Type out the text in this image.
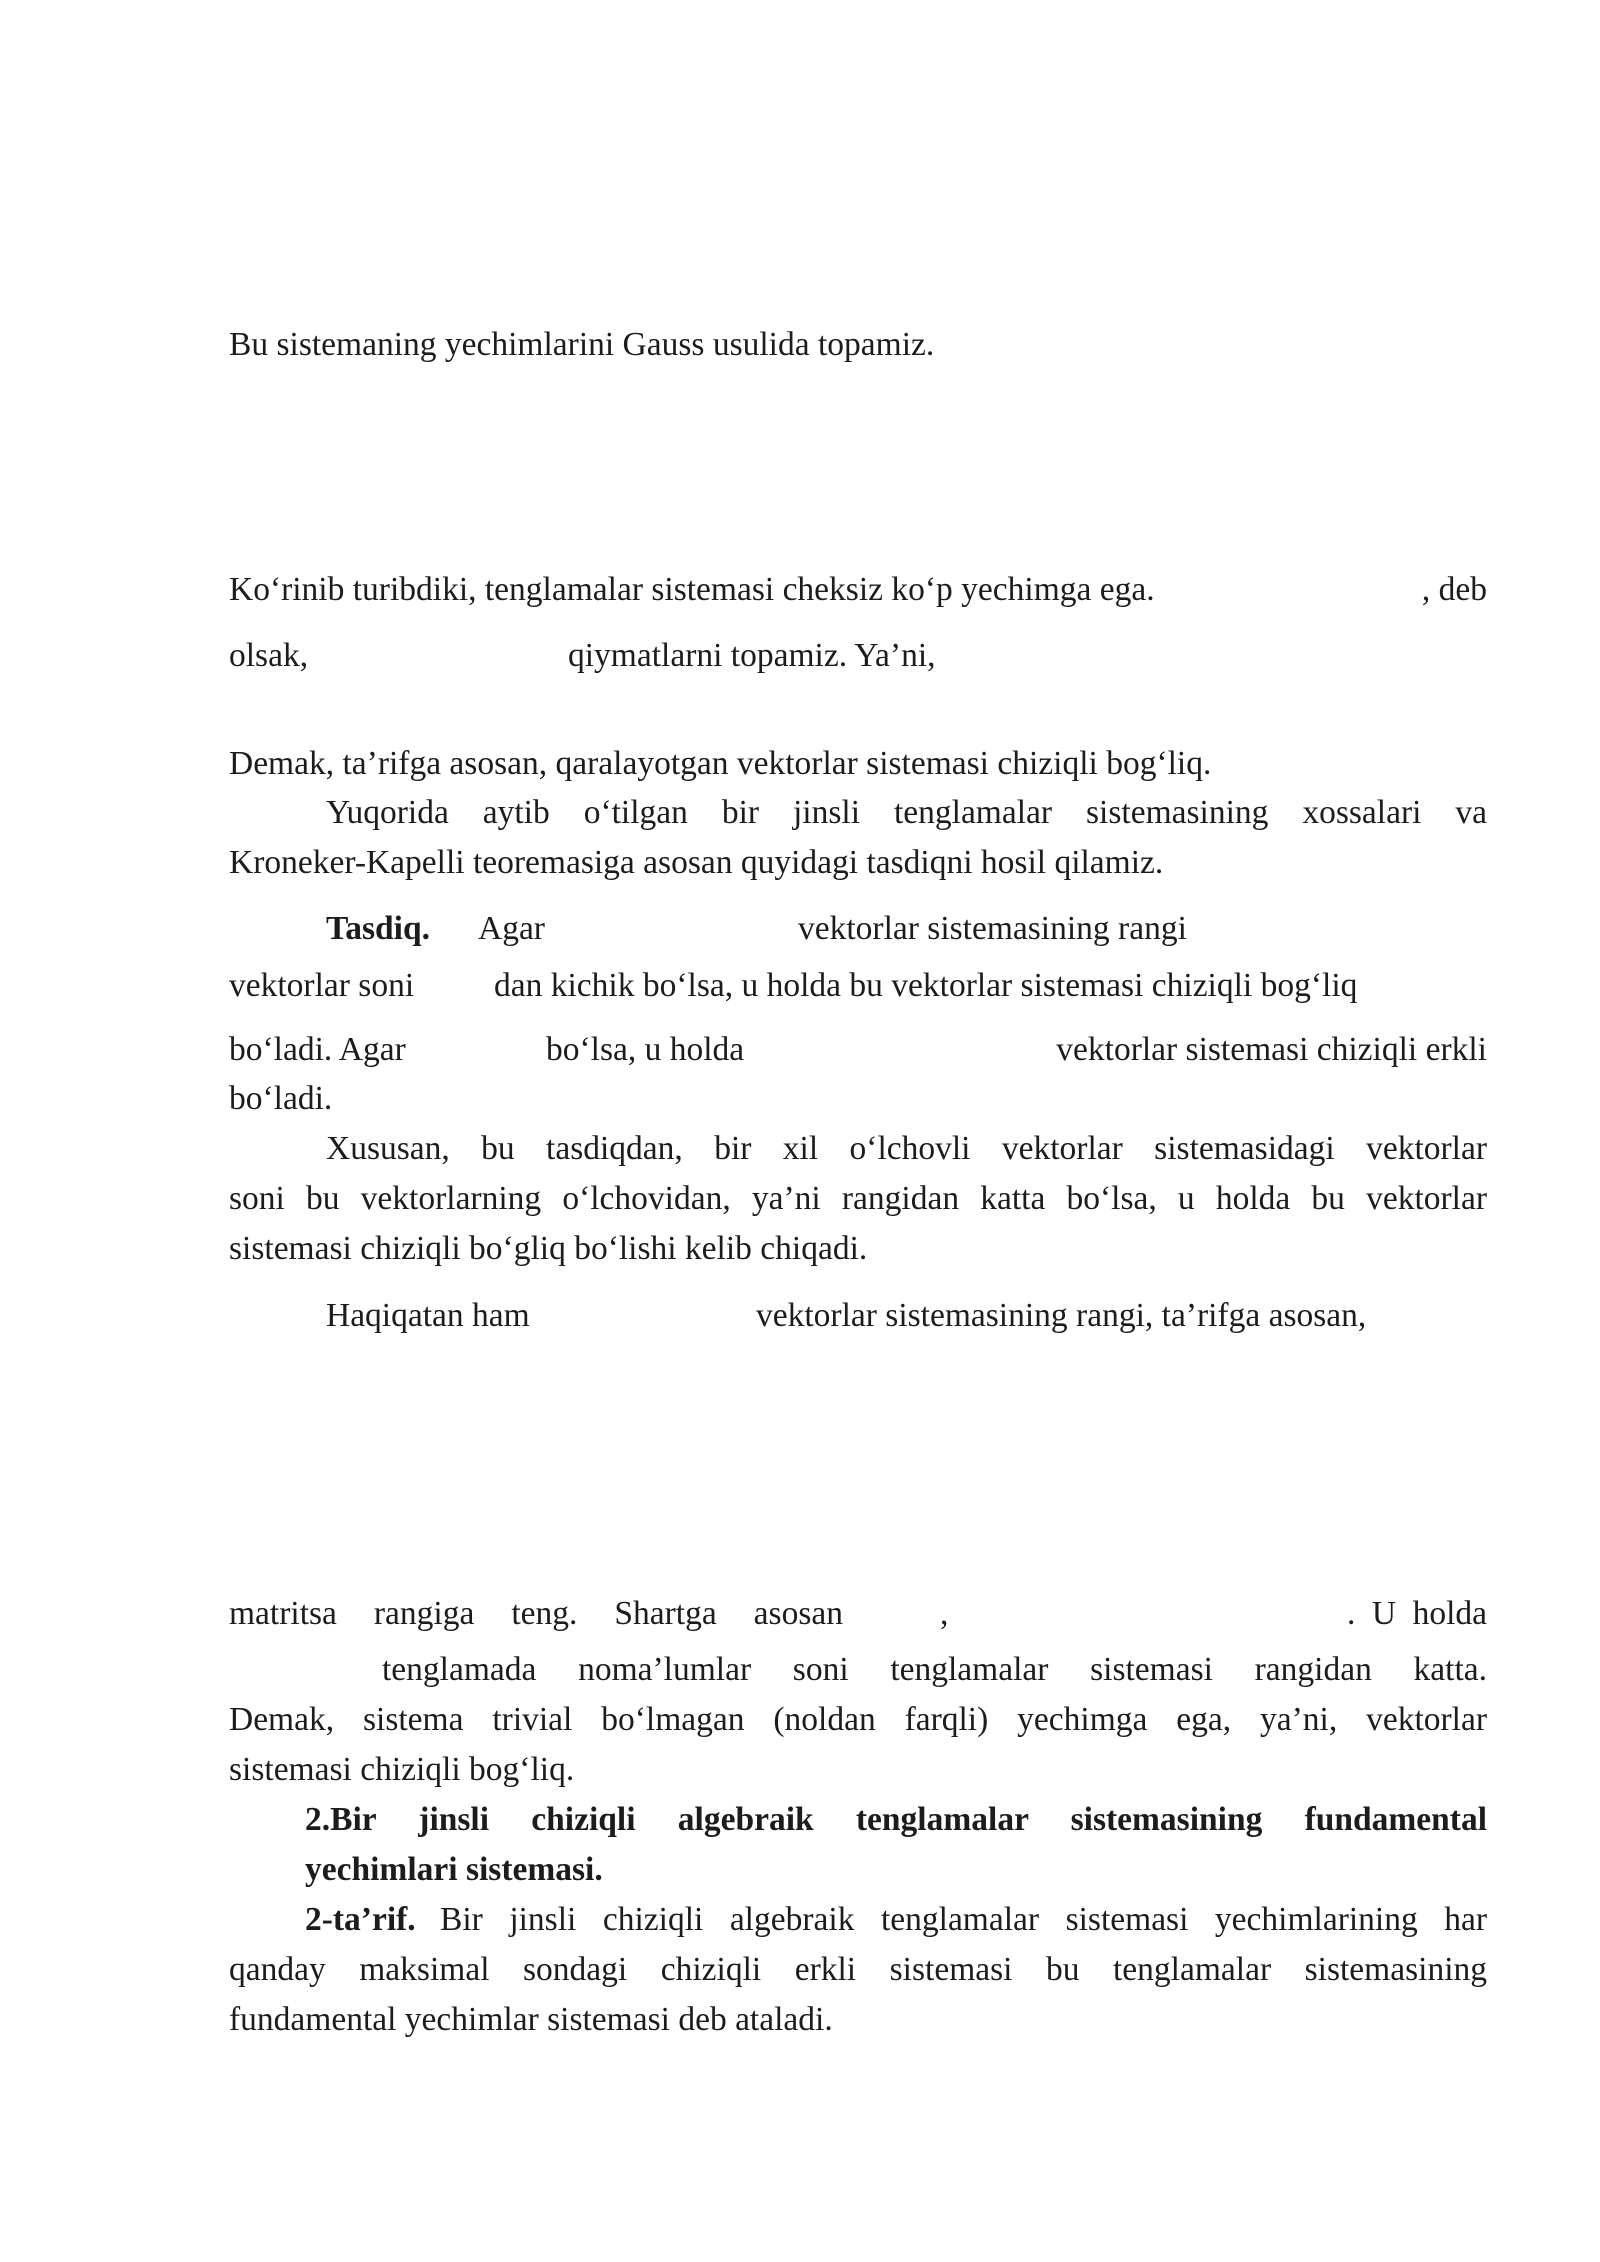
Bu sistemaning yechimlarini Gauss usulida topamiz.

Ko‘rinib turibdiki, tenglamalar sistemasi cheksiz ko‘p yechimga ega.	, deb

olsak,	qiymatlarni topamiz. Ya’ni,

Demak, ta’rifga asosan, qaralayotgan vektorlar sistemasi chiziqli bog‘liq.

Yuqorida aytib o‘tilgan bir jinsli tenglamalar sistemasining xossalari va

Kroneker-Kapelli teoremasiga asosan quyidagi tasdiqni hosil qilamiz.

Tasdiq. Agar	vektorlar sistemasining rangi

vektorlar soni dan kichik bo‘lsa, u holda bu vektorlar sistemasi chiziqli bog‘liq

bo‘ladi. Agar	bo‘lsa, u holda	vektorlar sistemasi chiziqli erkli

bo‘ladi.

Xususan, bu tasdiqdan, bir xil o‘lchovli vektorlar sistemasidagi vektorlar

soni bu vektorlarning o‘lchovidan, ya’ni rangidan katta bo‘lsa, u holda bu vektorlar

sistemasi chiziqli bo‘gliq bo‘lishi kelib chiqadi.

Haqiqatan ham	vektorlar sistemasining rangi, ta’rifga asosan,

matritsa rangiga teng. Shartga asosan	,	. U holda

tenglamada noma’lumlar soni tenglamalar sistemasi rangidan katta.

Demak, sistema trivial bo‘lmagan (noldan farqli) yechimga ega, ya’ni, vektorlar

sistemasi chiziqli bog‘liq.

2.Bir jinsli chiziqli algebraik tenglamalar sistemasining fundamental

yechimlari sistemasi.

2-ta’rif. Bir jinsli chiziqli algebraik tenglamalar sistemasi yechimlarining har

qanday maksimal sondagi chiziqli erkli sistemasi bu tenglamalar sistemasining

fundamental yechimlar sistemasi deb ataladi.
